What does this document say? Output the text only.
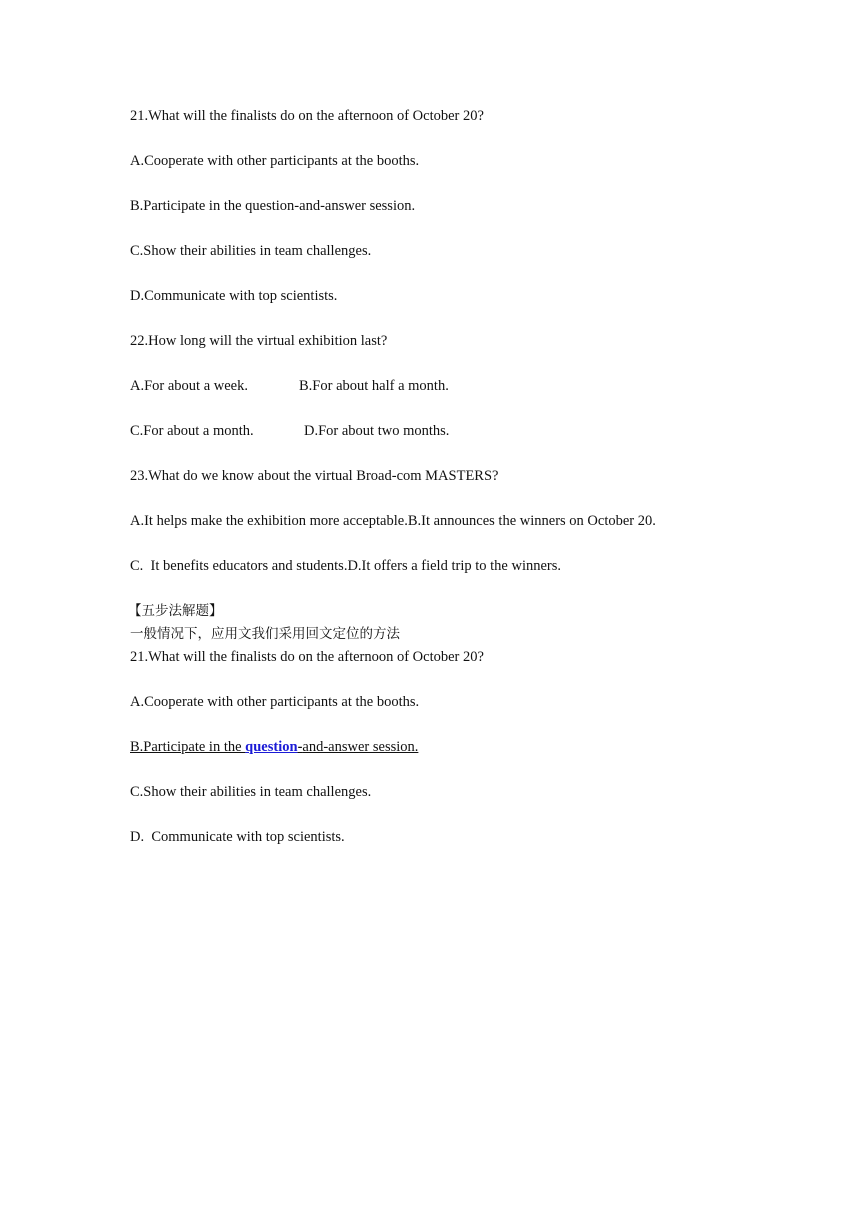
21.What will the finalists do on the afternoon of October 20?
A.Cooperate with other participants at the booths.
B.Participate in the question-and-answer session.
C.Show their abilities in team challenges.
D.Communicate with top scientists.
22.How long will the virtual exhibition last?
A.For about a week.	B.For about half a month.
C.For about a month.	D.For about two months.
23.What do we know about the virtual Broad-com MASTERS?
A.It helps make the exhibition more acceptable.B.It announces the winners on October 20.
C.  It benefits educators and students.D.It offers a field trip to the winners.
【五步法解题】
一般情况下，应用文我们采用回文定位的方法
21.What will the finalists do on the afternoon of October 20?
A.Cooperate with other participants at the booths.
B.Participate in the question-and-answer session.
C.Show their abilities in team challenges.
D.  Communicate with top scientists.
